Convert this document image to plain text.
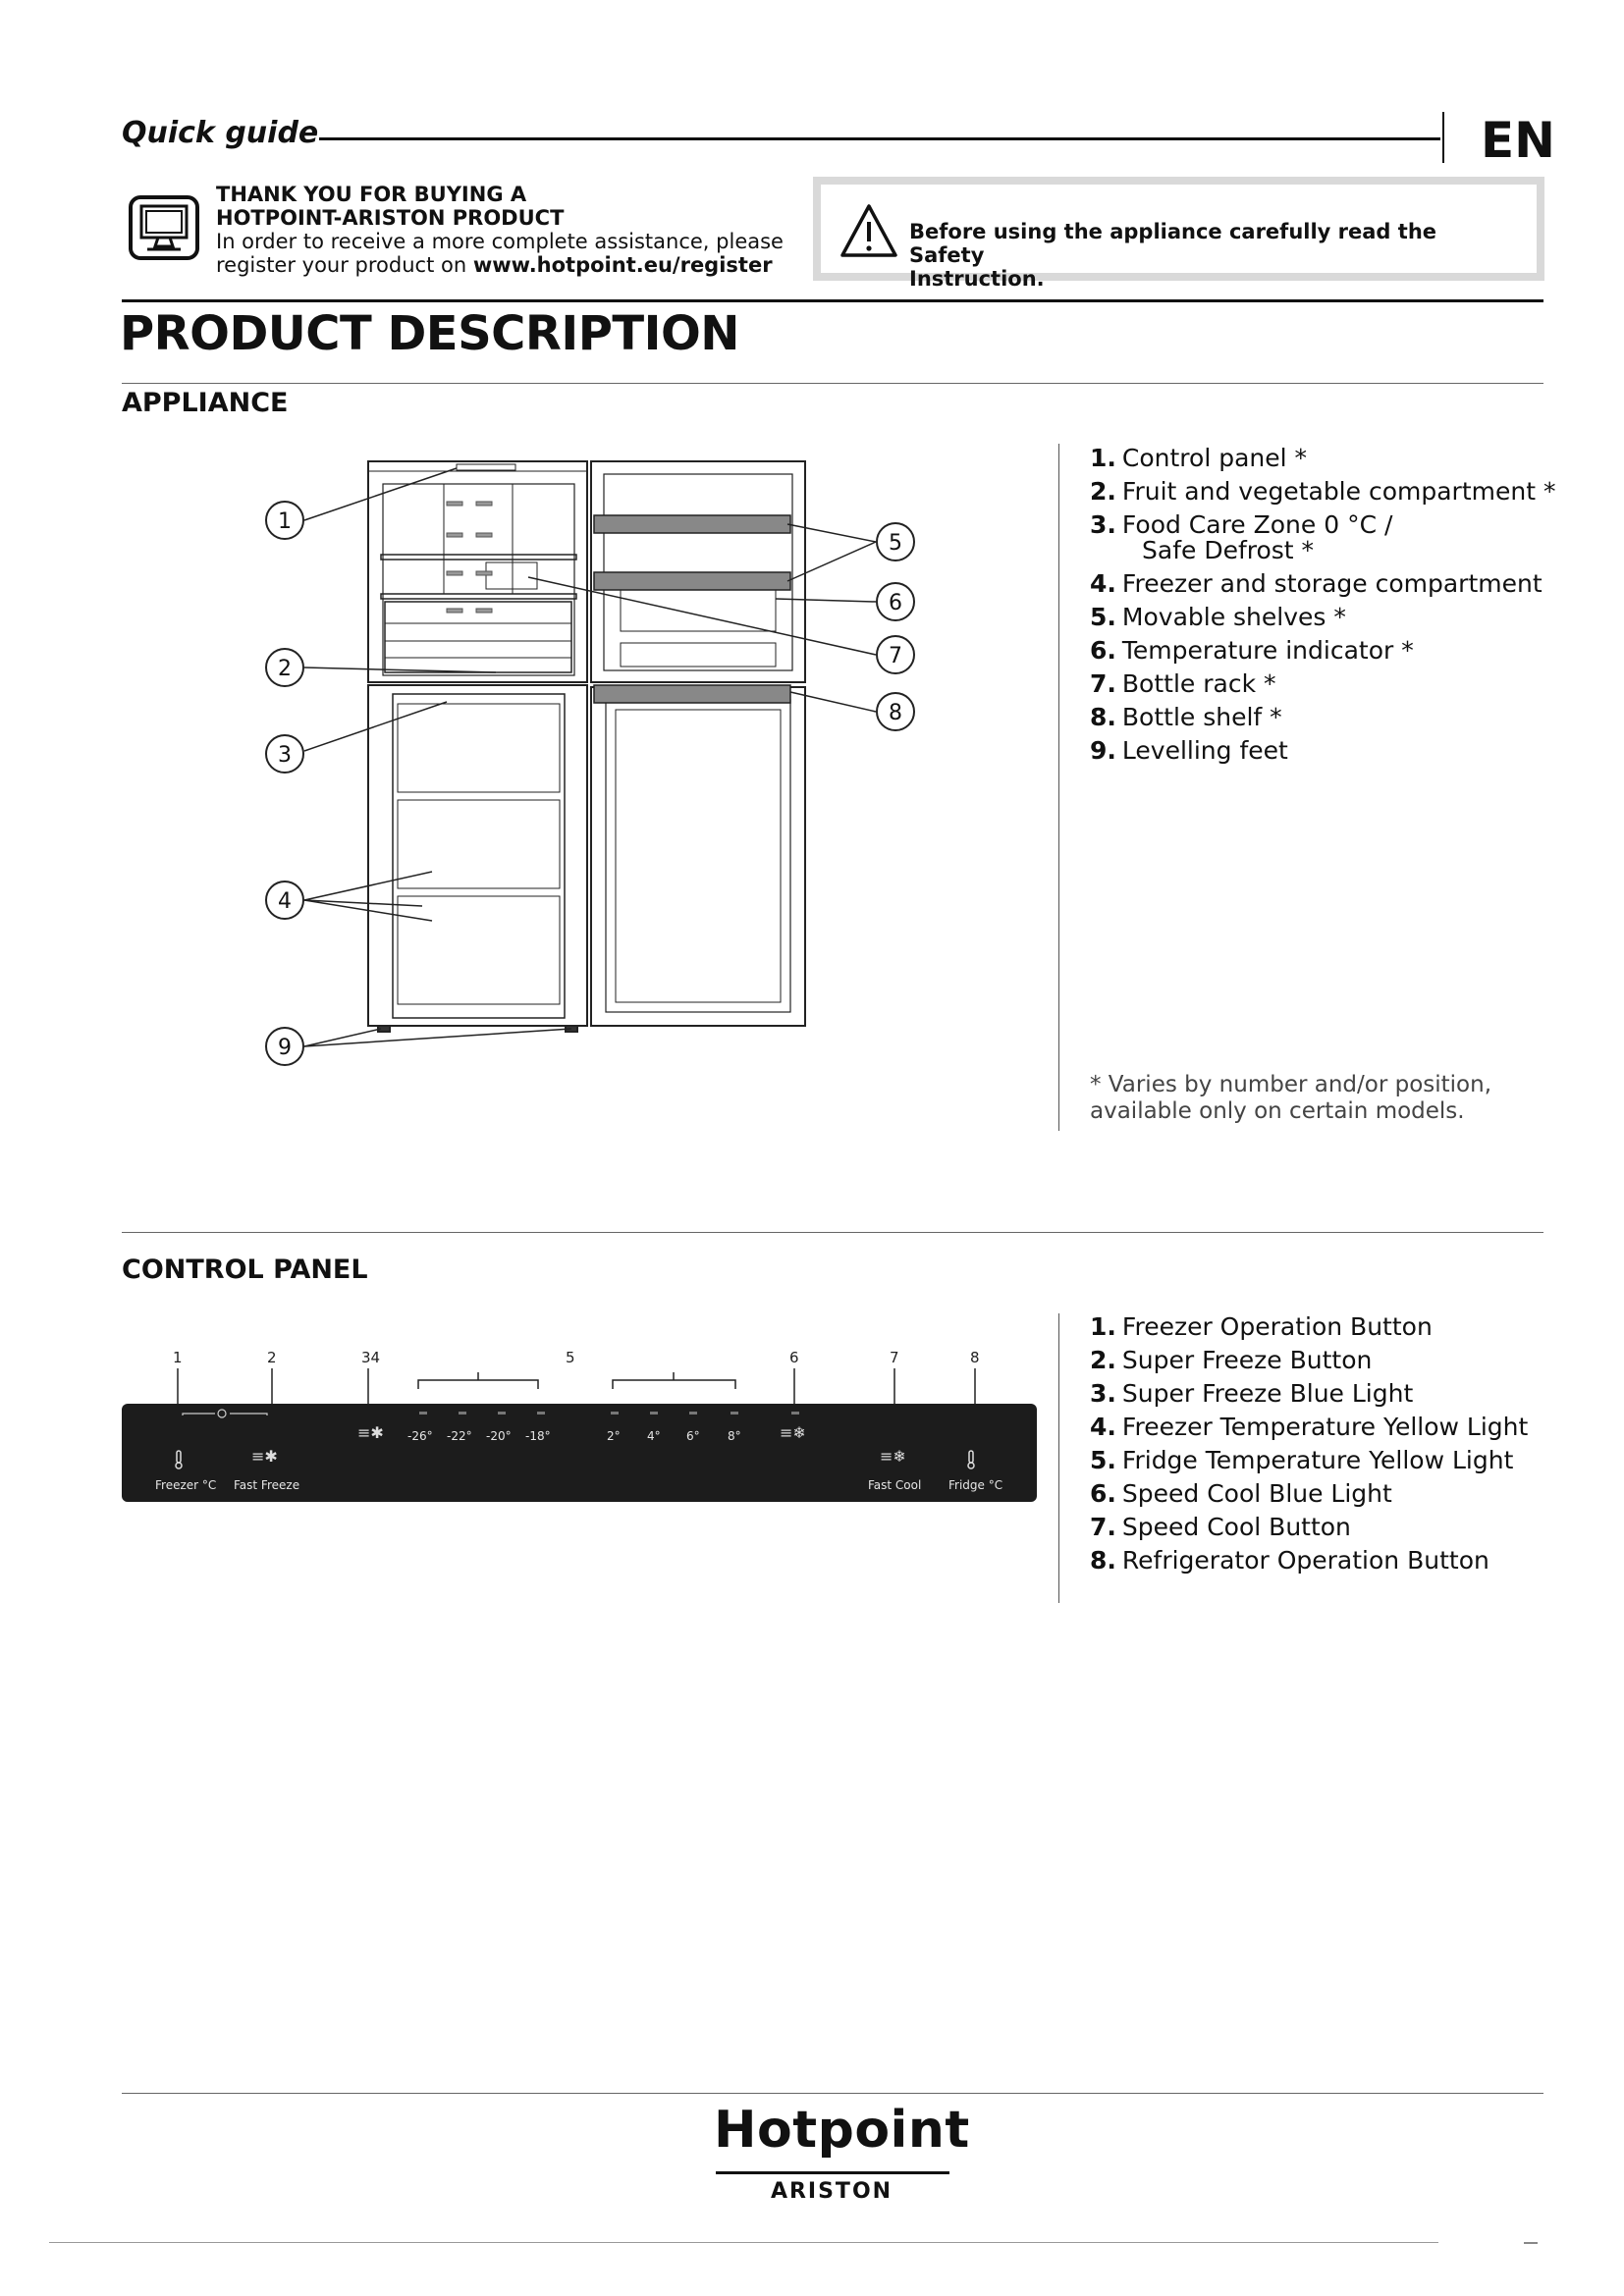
Quick guide	EN
THANK YOU FOR BUYING A
HOTPOINT-ARISTON PRODUCT
In order to receive a more complete assistance, please
register your product on www.hotpoint.eu/register
Before using the appliance carefully read the Safety
Instruction.
PRODUCT DESCRIPTION
APPLIANCE
1
2
3
4
5
6
7
8
9
1. Control panel *
2. Fruit and vegetable compartment *
3. Food Care Zone 0 °C /
Safe Defrost *
4. Freezer and storage compartment
5. Movable shelves *
6. Temperature indicator *
7. Bottle rack *
8. Bottle shelf *
9. Levelling feet
* Varies by number and/or position,
available only on certain models.
CONTROL PANEL
1	2	34	5	6	7	8
≡✱ -26° -22° -20° -18°	2° 4° 6° 8° ≡❄
≡✱	≡❄
Freezer °C Fast Freeze	Fast Cool Fridge °C
1. Freezer Operation Button
2. Super Freeze Button
3. Super Freeze Blue Light
4. Freezer Temperature Yellow Light
5. Fridge Temperature Yellow Light
6. Speed Cool Blue Light
7. Speed Cool Button
8. Refrigerator Operation Button
Hotpoint
ARISTON
